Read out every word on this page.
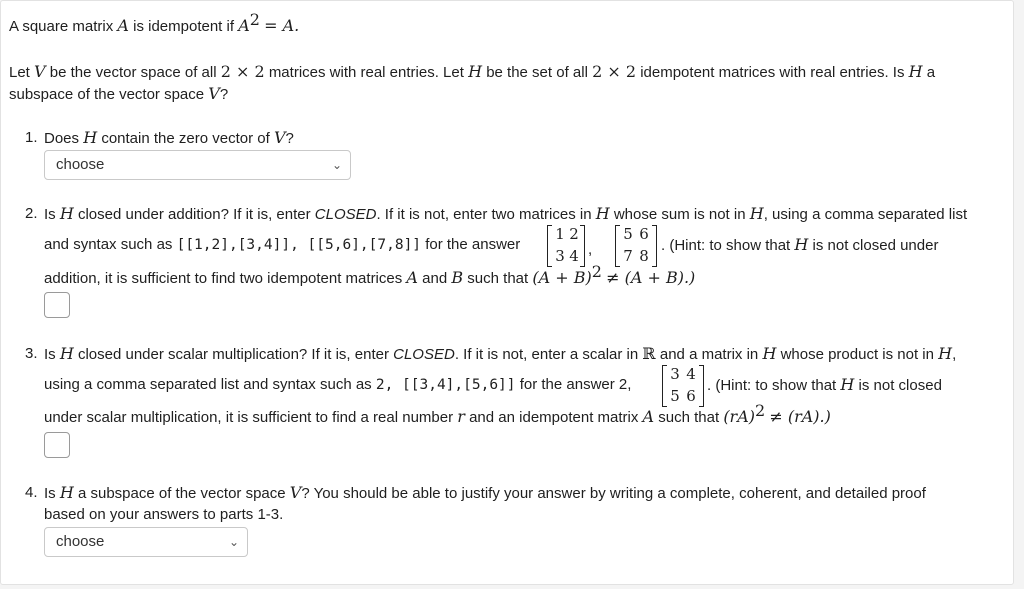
A square matrix A is idempotent if $A^2 = A$.
Let V be the vector space of all 2 × 2 matrices with real entries. Let H be the set of all 2 × 2 idempotent matrices with real entries. Is H a
subspace of the vector space V?
1. Does H contain the zero vector of V?
choose	⌄
2. Is H closed under addition? If it is, enter CLOSED. If it is not, enter two matrices in H whose sum is not in H, using a comma separated list
and syntax such as [[1,2],[3,4]], [[5,6],[7,8]] for the answer
1 2
3 4 ,
5 6
7 8
. (Hint: to show that H is not closed under
addition, it is sufficient to find two idempotent matrices A and B such that $(A + B)^2 \ne (A + B)$.)
3. Is H closed under scalar multiplication? If it is, enter CLOSED. If it is not, enter a scalar in ℝ and a matrix in H whose product is not in H,
using a comma separated list and syntax such as 2, [[3,4],[5,6]] for the answer 2,
3 4
5 6
. (Hint: to show that H is not closed
under scalar multiplication, it is sufficient to find a real number r and an idempotent matrix A such that (rA)$^2$ ≠ (rA).)
4. Is H a subspace of the vector space V? You should be able to justify your answer by writing a complete, coherent, and detailed proof
based on your answers to parts 1-3.
choose	⌄
